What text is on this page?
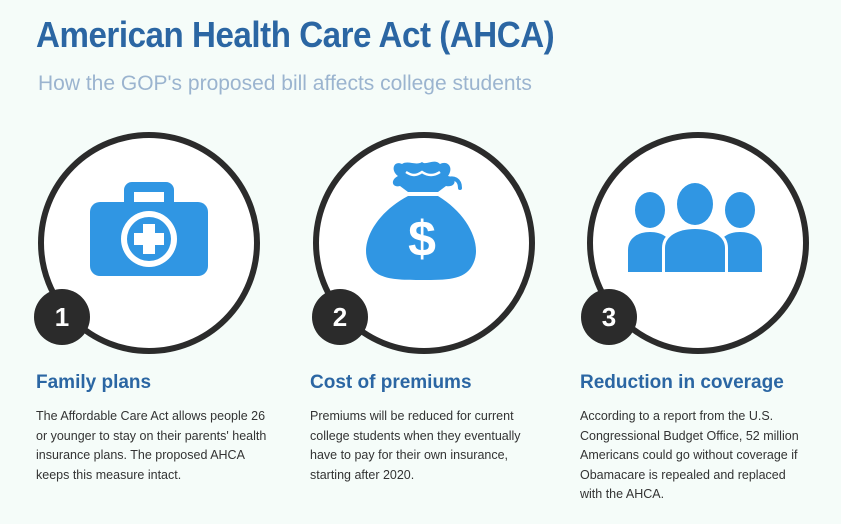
American Health Care Act (AHCA)

How the GOP's proposed bill affects college students

1
Family plans

The Affordable Care Act allows people 26 or younger to stay on their parents' health insurance plans. The proposed AHCA keeps this measure intact.

$
2
Cost of premiums

Premiums will be reduced for current college students when they eventually have to pay for their own insurance, starting after 2020.

3
Reduction in coverage

According to a report from the U.S. Congressional Budget Office, 52 million Americans could go without coverage if Obamacare is repealed and replaced with the AHCA.
